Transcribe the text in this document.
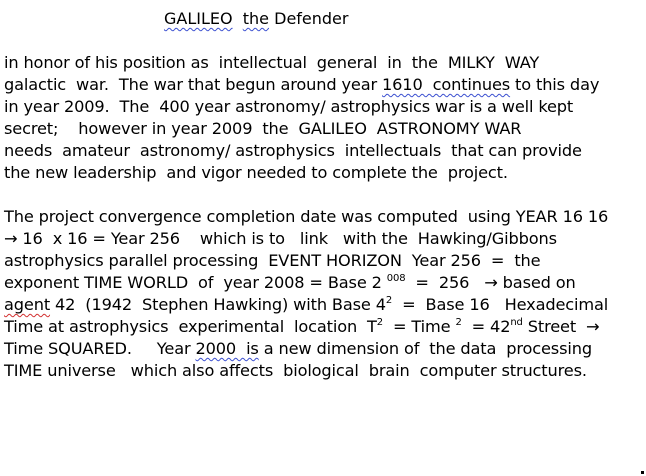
GALILEO the Defender
in honor of his position as  intellectual  general  in  the  MILKY  WAY
galactic  war.  The war that begun around year 1610  continues to this day
in year 2009.  The  400 year astronomy/ astrophysics war is a well kept
secret;    however in year 2009  the  GALILEO  ASTRONOMY WAR
needs  amateur  astronomy/ astrophysics  intellectuals  that can provide
the new leadership  and vigor needed to complete the  project.
The project convergence completion date was computed  using YEAR 16 16
→ 16  x 16 = Year 256    which is to   link   with the  Hawking/Gibbons
astrophysics parallel processing  EVENT HORIZON  Year 256  =  the
exponent TIME WORLD  of  year 2008 = Base 2 $^{008}$  =  256   → based on
agent 42  (1942  Stephen Hawking) with Base $4^2$  =  Base 16   Hexadecimal
Time at astrophysics  experimental  location  $T^2$  = Time $^2$  = 42nd Street  →
Time SQUARED.     Year 2000  is a new dimension of  the data  processing
TIME universe   which also affects  biological  brain  computer structures.
